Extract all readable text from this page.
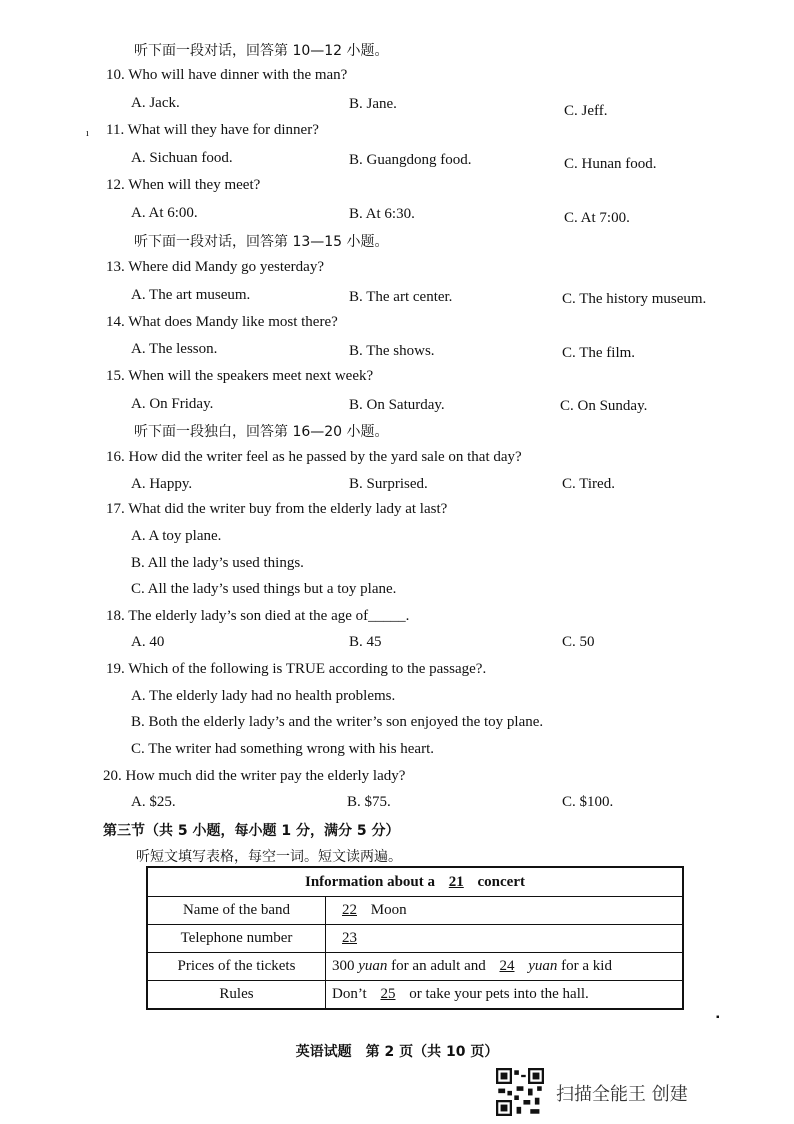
ı
▪
听下面一段对话，回答第 10—12 小题。
10. Who will have dinner with the man?
A. Jack.	B. Jane.	C. Jeff.
11. What will they have for dinner?
A. Sichuan food.	B. Guangdong food.	C. Hunan food.
12. When will they meet?
A. At 6:00.	B. At 6:30.	C. At 7:00.
听下面一段对话，回答第 13—15 小题。
13. Where did Mandy go yesterday?
A. The art museum.	B. The art center.	C. The history museum.
14. What does Mandy like most there?
A. The lesson.	B. The shows.	C. The film.
15. When will the speakers meet next week?
A. On Friday.	B. On Saturday.	C. On Sunday.
听下面一段独白，回答第 16—20 小题。
16. How did the writer feel as he passed by the yard sale on that day?
A. Happy.	B. Surprised.	C. Tired.
17. What did the writer buy from the elderly lady at last?
A. A toy plane.
B. All the lady’s used things.
C. All the lady’s used things but a toy plane.
18. The elderly lady’s son died at the age of_____.
A. 40	B. 45	C. 50
19. Which of the following is TRUE according to the passage?.
A. The elderly lady had no health problems.
B. Both the elderly lady’s and the writer’s son enjoyed the toy plane.
C. The writer had something wrong with his heart.
20. How much did the writer pay the elderly lady?
A. $25.	B. $75.	C. $100.
第三节（共 5 小题，每小题 1 分，满分 5 分）
听短文填写表格，每空一词。短文读两遍。
Information about a 21 concert	
Name of the band	22 Moon
Telephone number	23
Prices of the tickets	300 yuan for an adult and 24 yuan for a kid
Rules	Don’t 25 or take your pets into the hall.
英语试题　第 2 页（共 10 页）
扫描全能王 创建
